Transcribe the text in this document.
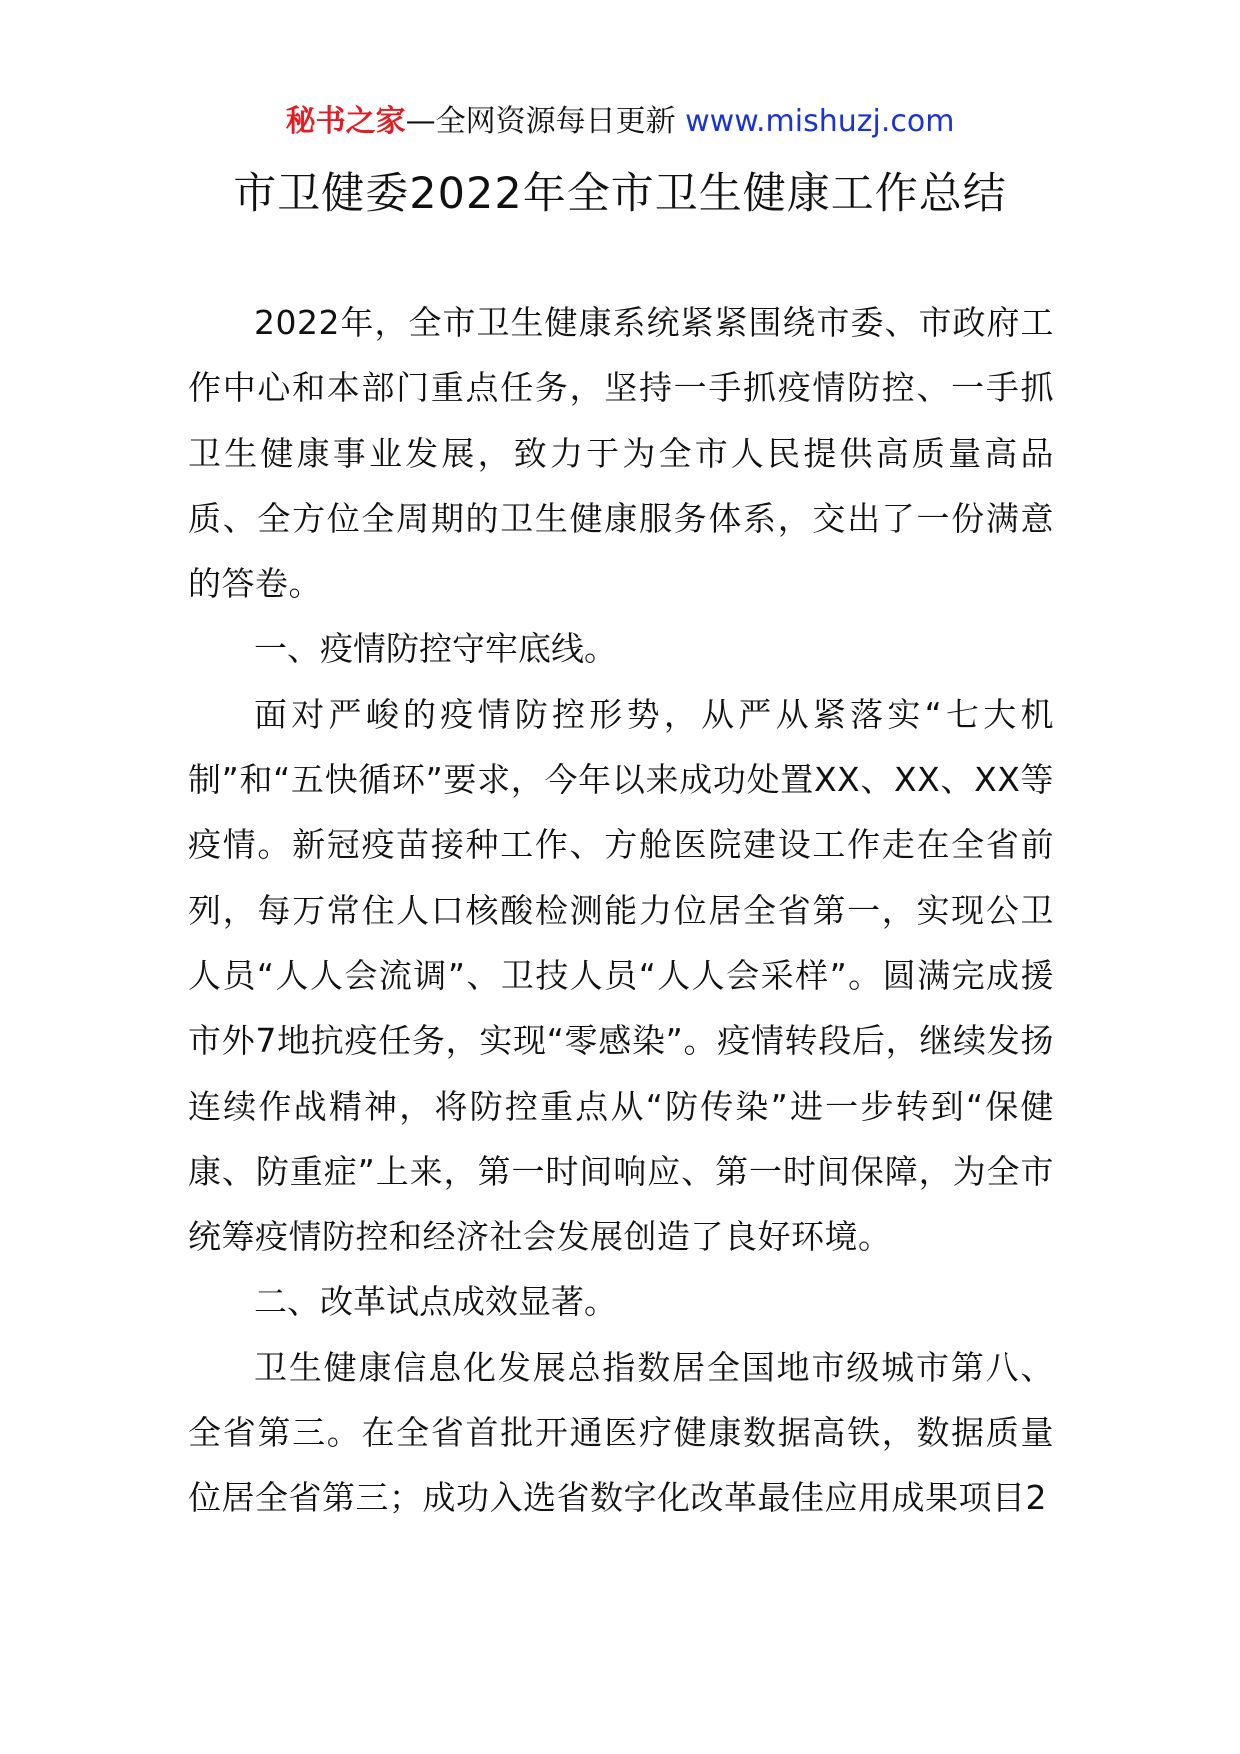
秘书之家—全网资源每日更新 www.mishuzj.com
市卫健委2022年全市卫生健康工作总结

2022年，全市卫生健康系统紧紧围绕市委、市政府工作中心和本部门重点任务，坚持一手抓疫情防控、一手抓卫生健康事业发展，致力于为全市人民提供高质量高品质、全方位全周期的卫生健康服务体系，交出了一份满意的答卷。

一、疫情防控守牢底线。

面对严峻的疫情防控形势，从严从紧落实“七大机制”和“五快循环”要求，今年以来成功处置XX、XX、XX等疫情。新冠疫苗接种工作、方舱医院建设工作走在全省前列，每万常住人口核酸检测能力位居全省第一，实现公卫人员“人人会流调”、卫技人员“人人会采样”。圆满完成援市外7地抗疫任务，实现“零感染”。疫情转段后，继续发扬连续作战精神，将防控重点从“防传染”进一步转到“保健康、防重症”上来，第一时间响应、第一时间保障，为全市统筹疫情防控和经济社会发展创造了良好环境。

二、改革试点成效显著。

卫生健康信息化发展总指数居全国地市级城市第八、全省第三。在全省首批开通医疗健康数据高铁，数据质量位居全省第三；成功入选省数字化改革最佳应用成果项目2
